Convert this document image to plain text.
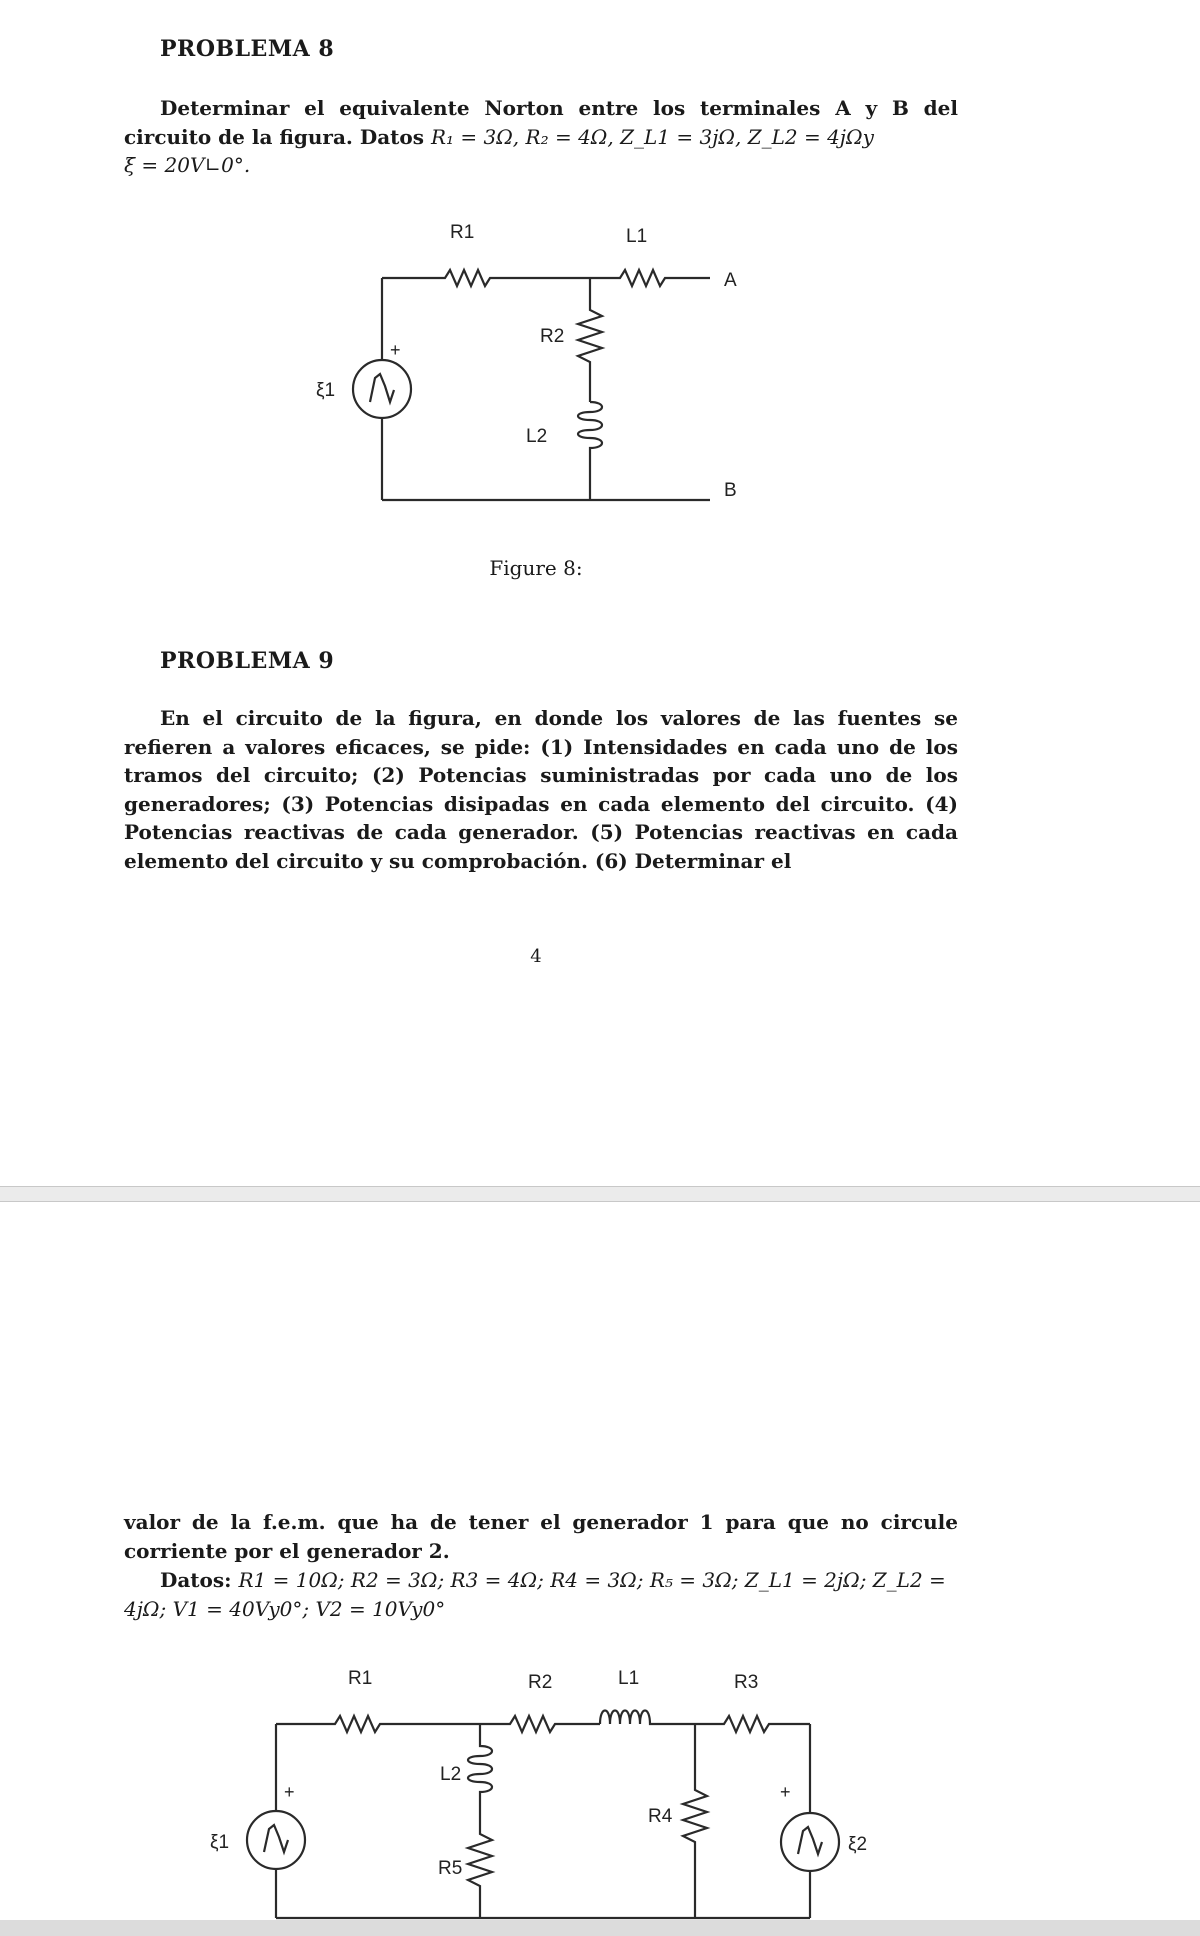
PROBLEMA 8
Determinar el equivalente Norton entre los terminales A y B del circuito de la figura. Datos R₁ = 3Ω, R₂ = 4Ω, Z_L1 = 3jΩ, Z_L2 = 4jΩy
ξ = 20V∟0°.
R1	L1
A
R2
+
ξ1
L2
B
Figure 8:
PROBLEMA 9
En el circuito de la figura, en donde los valores de las fuentes se refieren a valores eficaces, se pide: (1) Intensidades en cada uno de los tramos del circuito; (2) Potencias suministradas por cada uno de los generadores; (3) Potencias disipadas en cada elemento del circuito. (4) Potencias reactivas de cada generador. (5) Potencias reactivas en cada elemento del circuito y su comprobación. (6) Determinar el
4
valor de la f.e.m. que ha de tener el generador 1 para que no circule corriente por el generador 2.
Datos: R1 = 10Ω; R2 = 3Ω; R3 = 4Ω; R4 = 3Ω; R₅ = 3Ω; Z_L1 = 2jΩ; Z_L2 =
4jΩ; V1 = 40Vy0°; V2 = 10Vy0°
R1	R2	L1	R3
+
L2
ξ1
R5
R4
+
ξ2
